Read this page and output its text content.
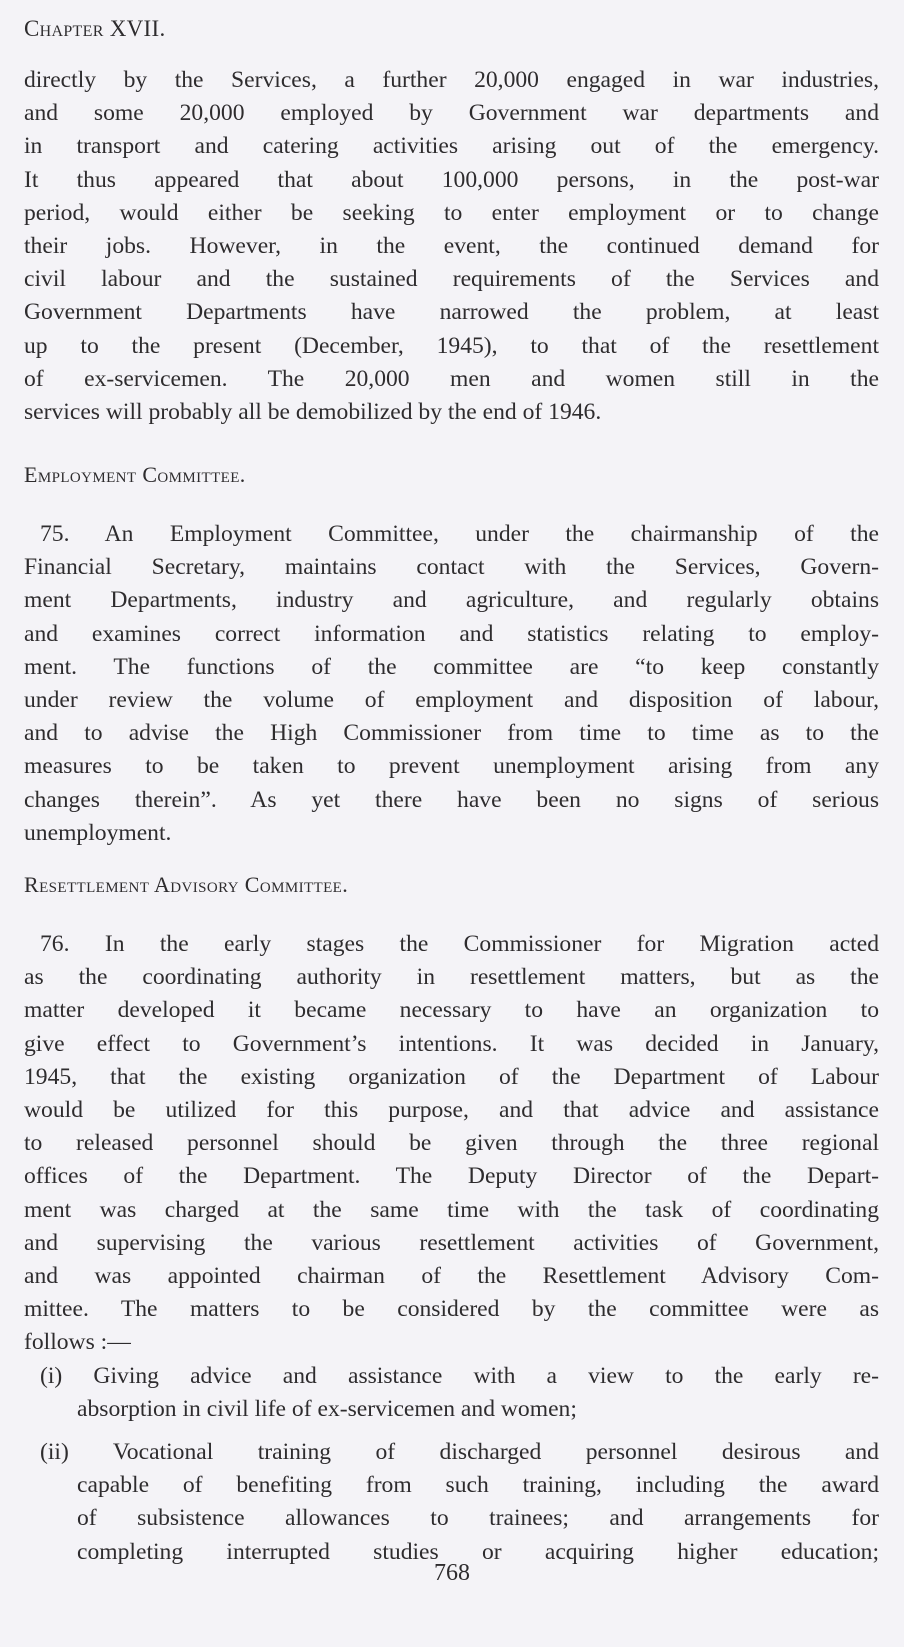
Chapter XVII.
directly by the Services, a further 20,000 engaged in war industries,
and some 20,000 employed by Government war departments and
in transport and catering activities arising out of the emergency.
It thus appeared that about 100,000 persons, in the post-war
period, would either be seeking to enter employment or to change
their jobs. However, in the event, the continued demand for
civil labour and the sustained requirements of the Services and
Government Departments have narrowed the problem, at least
up to the present (December, 1945), to that of the resettlement
of ex-servicemen. The 20,000 men and women still in the
services will probably all be demobilized by the end of 1946.
Employment Committee.
75. An Employment Committee, under the chairmanship of the
Financial Secretary, maintains contact with the Services, Govern-
ment Departments, industry and agriculture, and regularly obtains
and examines correct information and statistics relating to employ-
ment. The functions of the committee are “to keep constantly
under review the volume of employment and disposition of labour,
and to advise the High Commissioner from time to time as to the
measures to be taken to prevent unemployment arising from any
changes therein”. As yet there have been no signs of serious
unemployment.
Resettlement Advisory Committee.
76. In the early stages the Commissioner for Migration acted
as the coordinating authority in resettlement matters, but as the
matter developed it became necessary to have an organization to
give effect to Government’s intentions. It was decided in January,
1945, that the existing organization of the Department of Labour
would be utilized for this purpose, and that advice and assistance
to released personnel should be given through the three regional
offices of the Department. The Deputy Director of the Depart-
ment was charged at the same time with the task of coordinating
and supervising the various resettlement activities of Government,
and was appointed chairman of the Resettlement Advisory Com-
mittee. The matters to be considered by the committee were as
follows :—
(i) Giving advice and assistance with a view to the early re-
absorption in civil life of ex-servicemen and women;
(ii) Vocational training of discharged personnel desirous and
capable of benefiting from such training, including the award
of subsistence allowances to trainees; and arrangements for
completing interrupted studies or acquiring higher education;
768
